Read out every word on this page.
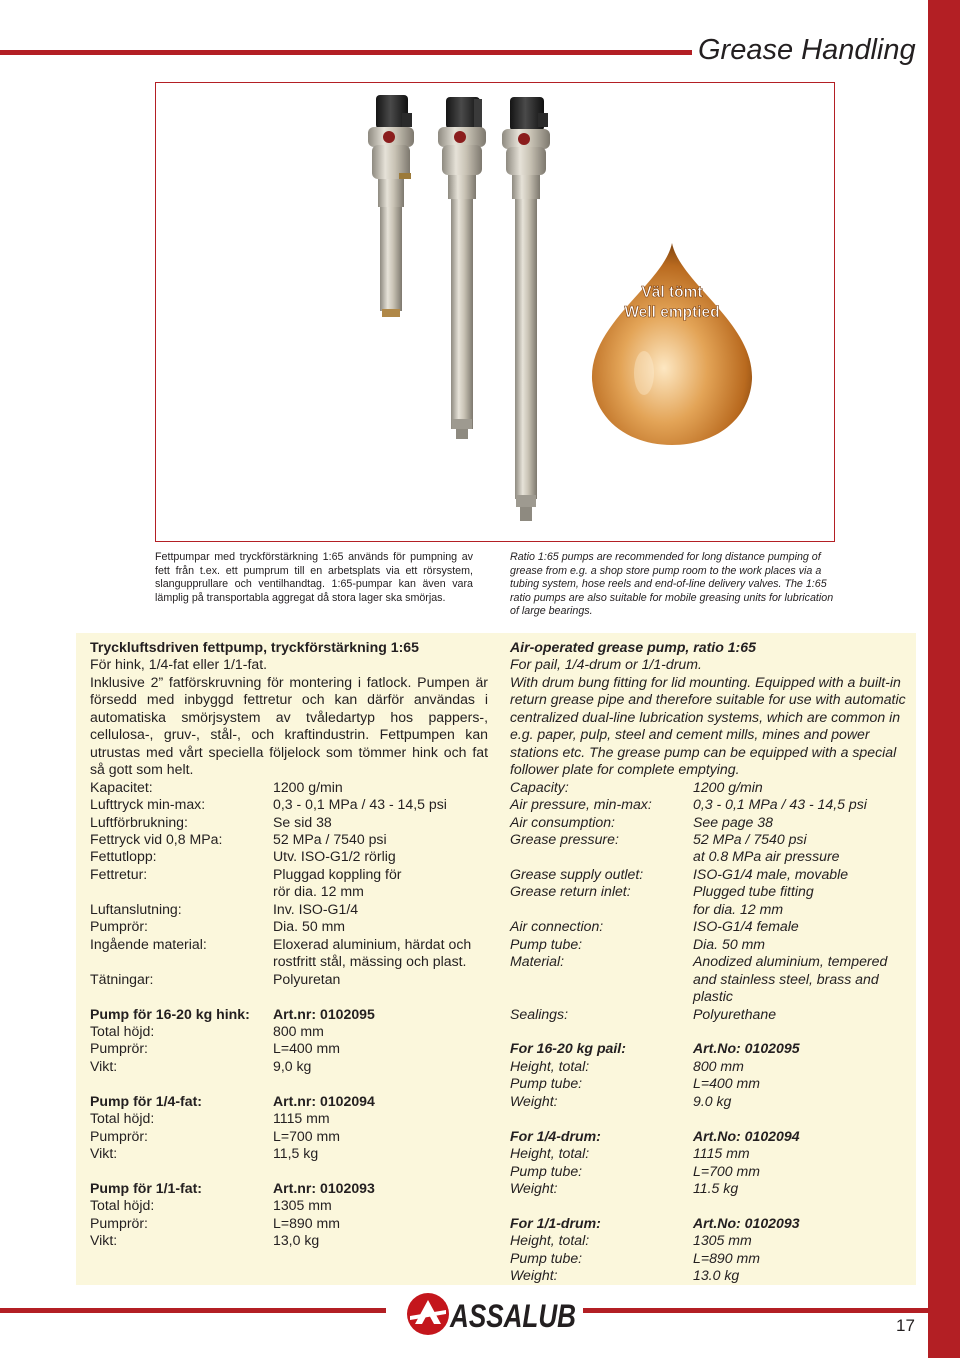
Grease Handling
Väl tömt
Well emptied
Fettpumpar med tryckförstärkning 1:65 används för pumpning av fett från t.ex. ett pumprum till en arbetsplats via ett rörsystem, slangupprullare och ventilhandtag. 1:65-pumpar kan även vara lämplig på transportabla aggregat då stora lager ska smörjas.
Ratio 1:65 pumps are recommended for long distance pumping of grease from e.g. a shop store pump room to the work places via a tubing system, hose reels and end-of-line delivery valves. The 1:65 ratio pumps are also suitable for mobile greasing units for lubrication of large bearings.

Tryckluftsdriven fettpump, tryckförstärkning 1:65

För hink, 1/4-fat eller 1/1-fat.

Inklusive 2” fatförskruvning för montering i fatlock. Pumpen är försedd med inbyggd fettretur och kan därför användas i automatiska smörjsystem av tvåledartyp hos pappers-, cellulosa-, gruv-, stål-, och kraftindustrin. Fettpumpen kan utrustas med vårt speciella följelock som tömmer hink och fat så gott som helt.

Kapacitet:	1200 g/min
Lufttryck min-max:	0,3 - 0,1 MPa / 43 - 14,5 psi
Luftförbrukning:	Se sid 38
Fettryck vid 0,8 MPa:	52 MPa / 7540 psi
Fettutlopp:	Utv. ISO-G1/2 rörlig
Fettretur:	Pluggad koppling för
rör dia. 12 mm
Luftanslutning:	Inv. ISO-G1/4
Pumprör:	Dia. 50 mm
Ingående material:	Eloxerad aluminium, härdat och
rostfritt stål, mässing och plast.
Tätningar:	Polyuretan
Pump för 16-20 kg hink:	Art.nr: 0102095
Total höjd:	800 mm
Pumprör:	L=400 mm
Vikt:	9,0 kg
Pump för 1/4-fat:	Art.nr: 0102094
Total höjd:	1115 mm
Pumprör:	L=700 mm
Vikt:	11,5 kg
Pump för 1/1-fat:	Art.nr: 0102093
Total höjd:	1305 mm
Pumprör:	L=890 mm
Vikt:	13,0 kg

Air-operated grease pump, ratio 1:65

For pail, 1/4-drum or 1/1-drum.

With drum bung fitting for lid mounting. Equipped with a built-in return grease pipe and therefore suitable for use with automatic centralized dual-line lubrication systems, which are common in e.g. paper, pulp, steel and cement mills, mines and power stations etc. The grease pump can be equipped with a special follower plate for complete emptying.

Capacity:	1200 g/min
Air pressure, min-max:	0,3 - 0,1 MPa / 43 - 14,5 psi
Air consumption:	See page 38
Grease pressure:	52 MPa / 7540 psi
at 0.8 MPa air pressure
Grease supply outlet:	ISO-G1/4 male, movable
Grease return inlet:	Plugged tube fitting
for dia. 12 mm
Air connection:	ISO-G1/4 female
Pump tube:	Dia. 50 mm
Material:	Anodized aluminium, tempered
and stainless steel, brass and
plastic
Sealings:	Polyurethane
For 16-20 kg pail:	Art.No: 0102095
Height, total:	800 mm
Pump tube:	L=400 mm
Weight:	9.0 kg
For 1/4-drum:	Art.No: 0102094
Height, total:	1115 mm
Pump tube:	L=700 mm
Weight:	11.5 kg
For 1/1-drum:	Art.No: 0102093
Height, total:	1305 mm
Pump tube:	L=890 mm
Weight:	13.0 kg
ASSALUB	17
